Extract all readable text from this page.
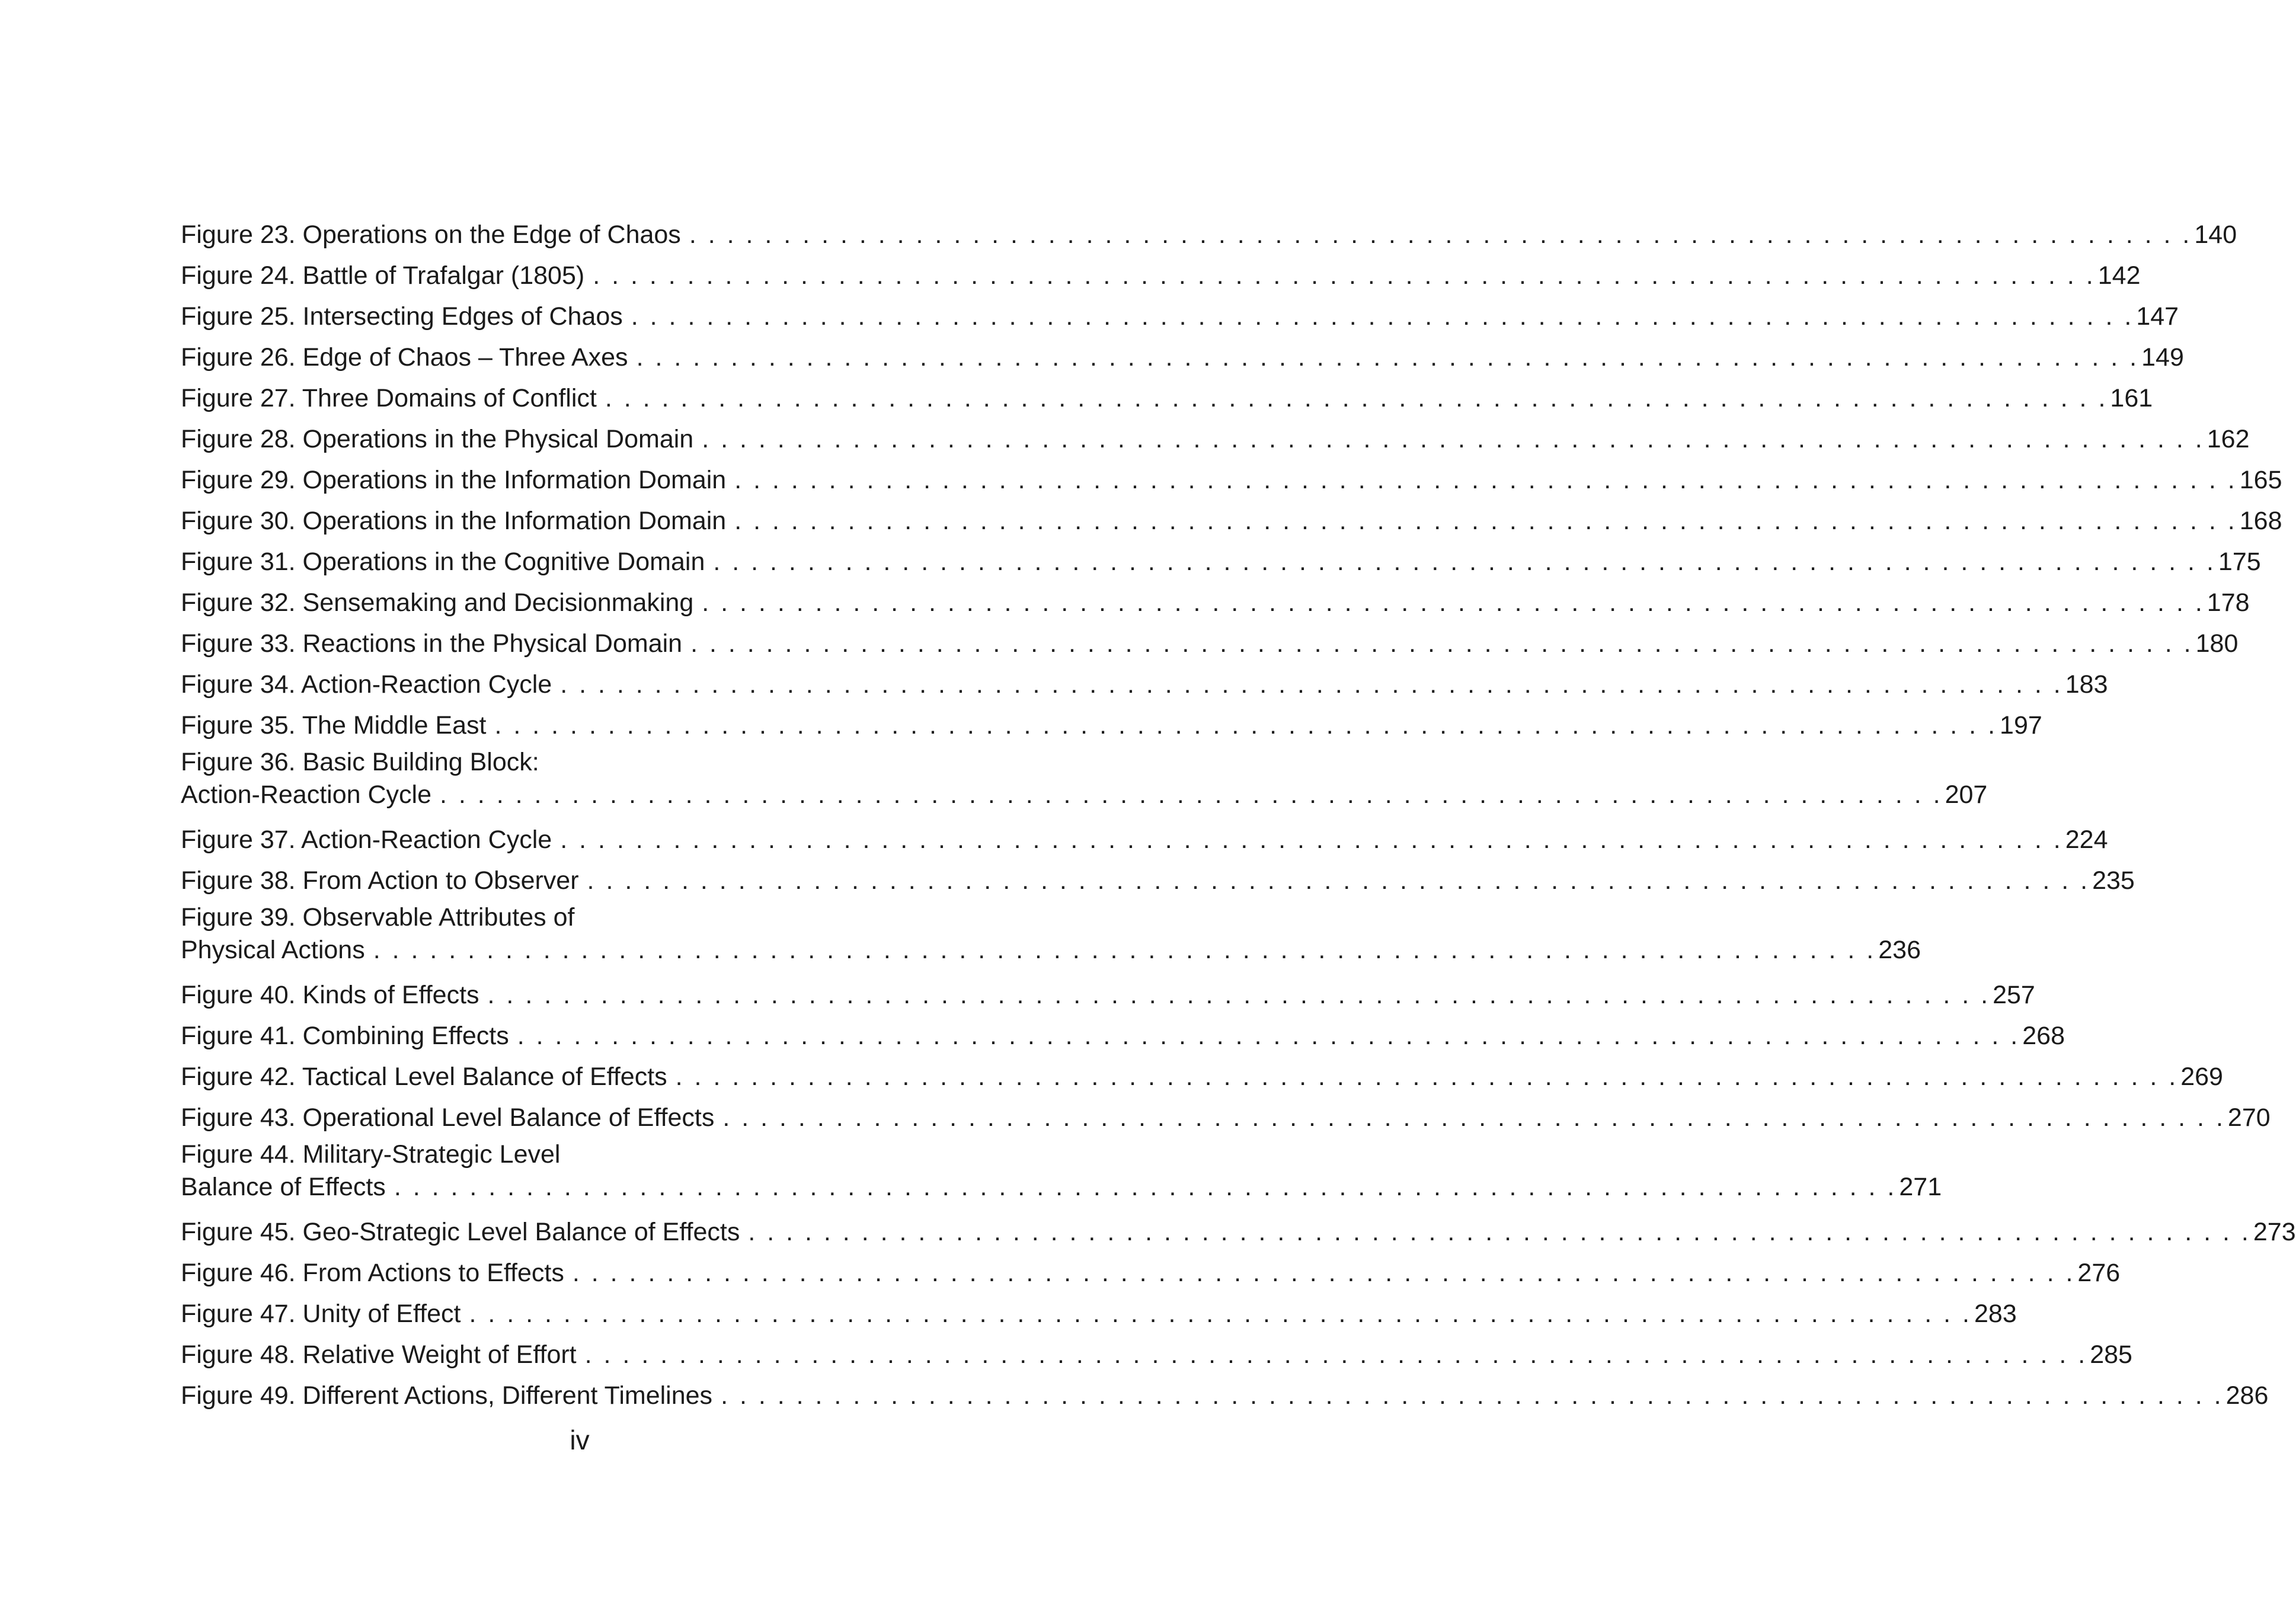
Figure 23. Operations on the Edge of Chaos . . . . . . . . . . . . . . . . . . . . . . . . . . . . . . . . . . . . . . . . . . . . . . . . . . . . . . . . . . . . . . . . . . . . . . . . . . . . . . . . 140
Figure 24. Battle of Trafalgar (1805) . . . . . . . . . . . . . . . . . . . . . . . . . . . . . . . . . . . . . . . . . . . . . . . . . . . . . . . . . . . . . . . . . . . . . . . . . . . . . . . . 142
Figure 25. Intersecting Edges of Chaos . . . . . . . . . . . . . . . . . . . . . . . . . . . . . . . . . . . . . . . . . . . . . . . . . . . . . . . . . . . . . . . . . . . . . . . . . . . . . . . . 147
Figure 26. Edge of Chaos – Three Axes . . . . . . . . . . . . . . . . . . . . . . . . . . . . . . . . . . . . . . . . . . . . . . . . . . . . . . . . . . . . . . . . . . . . . . . . . . . . . . . . 149
Figure 27. Three Domains of Conflict . . . . . . . . . . . . . . . . . . . . . . . . . . . . . . . . . . . . . . . . . . . . . . . . . . . . . . . . . . . . . . . . . . . . . . . . . . . . . . . . 161
Figure 28. Operations in the Physical Domain . . . . . . . . . . . . . . . . . . . . . . . . . . . . . . . . . . . . . . . . . . . . . . . . . . . . . . . . . . . . . . . . . . . . . . . . . . . . . . . . 162
Figure 29. Operations in the Information Domain . . . . . . . . . . . . . . . . . . . . . . . . . . . . . . . . . . . . . . . . . . . . . . . . . . . . . . . . . . . . . . . . . . . . . . . . . . . . . . . . 165
Figure 30. Operations in the Information Domain . . . . . . . . . . . . . . . . . . . . . . . . . . . . . . . . . . . . . . . . . . . . . . . . . . . . . . . . . . . . . . . . . . . . . . . . . . . . . . . . 168
Figure 31. Operations in the Cognitive Domain . . . . . . . . . . . . . . . . . . . . . . . . . . . . . . . . . . . . . . . . . . . . . . . . . . . . . . . . . . . . . . . . . . . . . . . . . . . . . . . . 175
Figure 32. Sensemaking and Decisionmaking . . . . . . . . . . . . . . . . . . . . . . . . . . . . . . . . . . . . . . . . . . . . . . . . . . . . . . . . . . . . . . . . . . . . . . . . . . . . . . . . 178
Figure 33. Reactions in the Physical Domain . . . . . . . . . . . . . . . . . . . . . . . . . . . . . . . . . . . . . . . . . . . . . . . . . . . . . . . . . . . . . . . . . . . . . . . . . . . . . . . . 180
Figure 34. Action-Reaction Cycle . . . . . . . . . . . . . . . . . . . . . . . . . . . . . . . . . . . . . . . . . . . . . . . . . . . . . . . . . . . . . . . . . . . . . . . . . . . . . . . . 183
Figure 35. The Middle East . . . . . . . . . . . . . . . . . . . . . . . . . . . . . . . . . . . . . . . . . . . . . . . . . . . . . . . . . . . . . . . . . . . . . . . . . . . . . . . . 197
Figure 36. Basic Building Block:
Action-Reaction Cycle . . . . . . . . . . . . . . . . . . . . . . . . . . . . . . . . . . . . . . . . . . . . . . . . . . . . . . . . . . . . . . . . . . . . . . . . . . . . . . . . 207
Figure 37. Action-Reaction Cycle . . . . . . . . . . . . . . . . . . . . . . . . . . . . . . . . . . . . . . . . . . . . . . . . . . . . . . . . . . . . . . . . . . . . . . . . . . . . . . . . 224
Figure 38. From Action to Observer . . . . . . . . . . . . . . . . . . . . . . . . . . . . . . . . . . . . . . . . . . . . . . . . . . . . . . . . . . . . . . . . . . . . . . . . . . . . . . . . 235
Figure 39. Observable Attributes of
Physical Actions . . . . . . . . . . . . . . . . . . . . . . . . . . . . . . . . . . . . . . . . . . . . . . . . . . . . . . . . . . . . . . . . . . . . . . . . . . . . . . . . 236
Figure 40. Kinds of Effects . . . . . . . . . . . . . . . . . . . . . . . . . . . . . . . . . . . . . . . . . . . . . . . . . . . . . . . . . . . . . . . . . . . . . . . . . . . . . . . . 257
Figure 41. Combining Effects . . . . . . . . . . . . . . . . . . . . . . . . . . . . . . . . . . . . . . . . . . . . . . . . . . . . . . . . . . . . . . . . . . . . . . . . . . . . . . . . 268
Figure 42. Tactical Level Balance of Effects . . . . . . . . . . . . . . . . . . . . . . . . . . . . . . . . . . . . . . . . . . . . . . . . . . . . . . . . . . . . . . . . . . . . . . . . . . . . . . . . 269
Figure 43. Operational Level Balance of Effects . . . . . . . . . . . . . . . . . . . . . . . . . . . . . . . . . . . . . . . . . . . . . . . . . . . . . . . . . . . . . . . . . . . . . . . . . . . . . . . . 270
Figure 44. Military-Strategic Level
Balance of Effects . . . . . . . . . . . . . . . . . . . . . . . . . . . . . . . . . . . . . . . . . . . . . . . . . . . . . . . . . . . . . . . . . . . . . . . . . . . . . . . . 271
Figure 45. Geo-Strategic Level Balance of Effects . . . . . . . . . . . . . . . . . . . . . . . . . . . . . . . . . . . . . . . . . . . . . . . . . . . . . . . . . . . . . . . . . . . . . . . . . . . . . . . . 273
Figure 46. From Actions to Effects . . . . . . . . . . . . . . . . . . . . . . . . . . . . . . . . . . . . . . . . . . . . . . . . . . . . . . . . . . . . . . . . . . . . . . . . . . . . . . . . 276
Figure 47. Unity of Effect . . . . . . . . . . . . . . . . . . . . . . . . . . . . . . . . . . . . . . . . . . . . . . . . . . . . . . . . . . . . . . . . . . . . . . . . . . . . . . . . 283
Figure 48. Relative Weight of Effort . . . . . . . . . . . . . . . . . . . . . . . . . . . . . . . . . . . . . . . . . . . . . . . . . . . . . . . . . . . . . . . . . . . . . . . . . . . . . . . . 285
Figure 49. Different Actions, Different Timelines . . . . . . . . . . . . . . . . . . . . . . . . . . . . . . . . . . . . . . . . . . . . . . . . . . . . . . . . . . . . . . . . . . . . . . . . . . . . . . . . 286
iv
